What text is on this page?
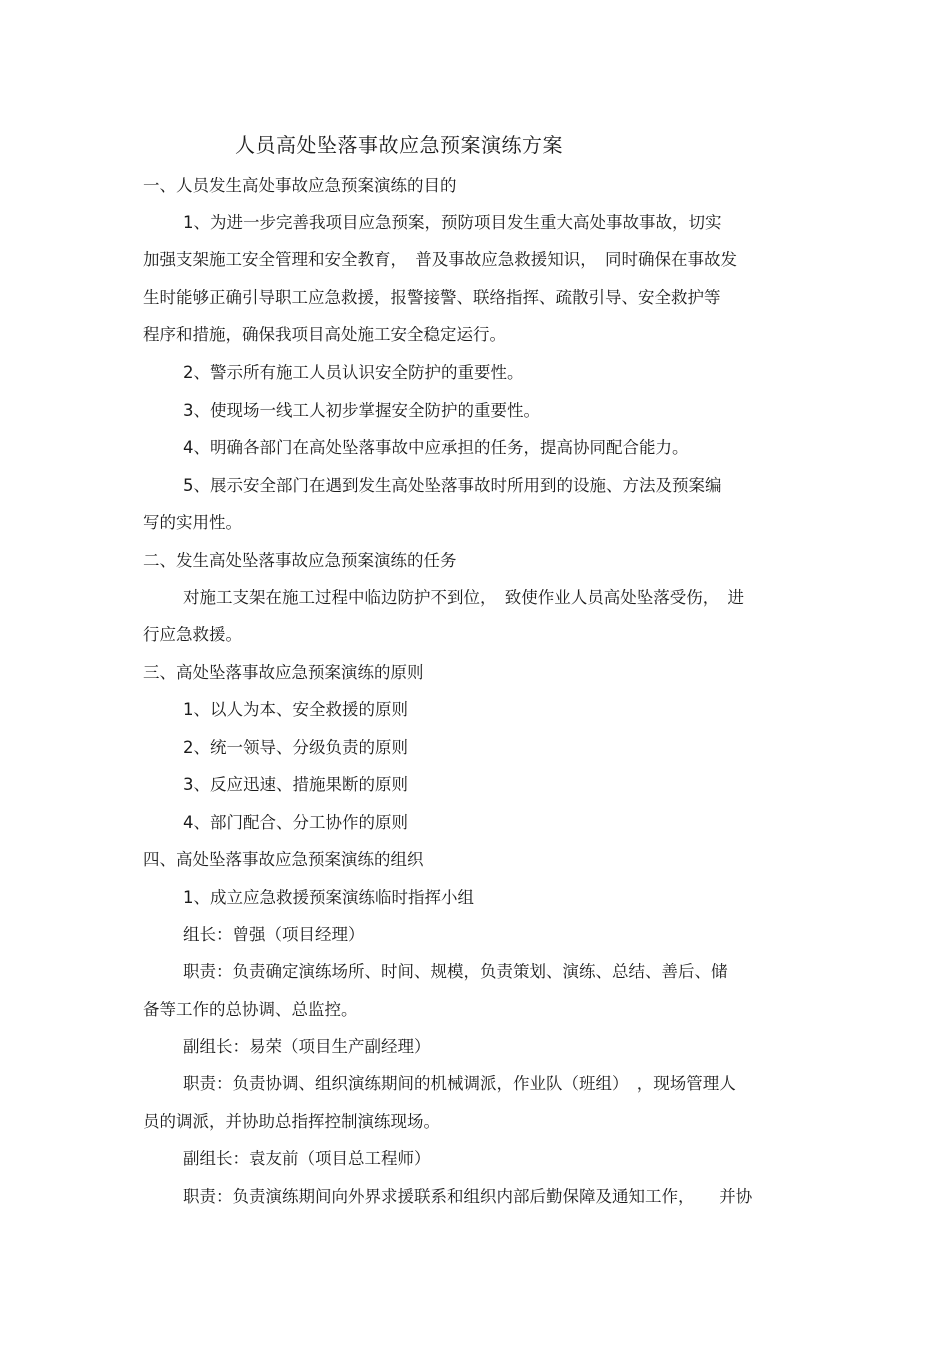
人员高处坠落事故应急预案演练方案
一、人员发生高处事故应急预案演练的目的
1、为进一步完善我项目应急预案，预防项目发生重大高处事故事故，切实
加强支架施工安全管理和安全教育，　普及事故应急救援知识，　同时确保在事故发
生时能够正确引导职工应急救援，报警接警、联络指挥、疏散引导、安全救护等
程序和措施，确保我项目高处施工安全稳定运行。
2、警示所有施工人员认识安全防护的重要性。
3、使现场一线工人初步掌握安全防护的重要性。
4、明确各部门在高处坠落事故中应承担的任务，提高协同配合能力。
5、展示安全部门在遇到发生高处坠落事故时所用到的设施、方法及预案编
写的实用性。
二、发生高处坠落事故应急预案演练的任务
对施工支架在施工过程中临边防护不到位，　致使作业人员高处坠落受伤，　进
行应急救援。
三、高处坠落事故应急预案演练的原则
1、以人为本、安全救援的原则
2、统一领导、分级负责的原则
3、反应迅速、措施果断的原则
4、部门配合、分工协作的原则
四、高处坠落事故应急预案演练的组织
1、成立应急救援预案演练临时指挥小组
组长：曾强（项目经理）
职责：负责确定演练场所、时间、规模，负责策划、演练、总结、善后、储
备等工作的总协调、总监控。
副组长：易荣（项目生产副经理）
职责：负责协调、组织演练期间的机械调派，作业队（班组）　，现场管理人
员的调派，并协助总指挥控制演练现场。
副组长：袁友前（项目总工程师）
职责：负责演练期间向外界求援联系和组织内部后勤保障及通知工作，　　并协
